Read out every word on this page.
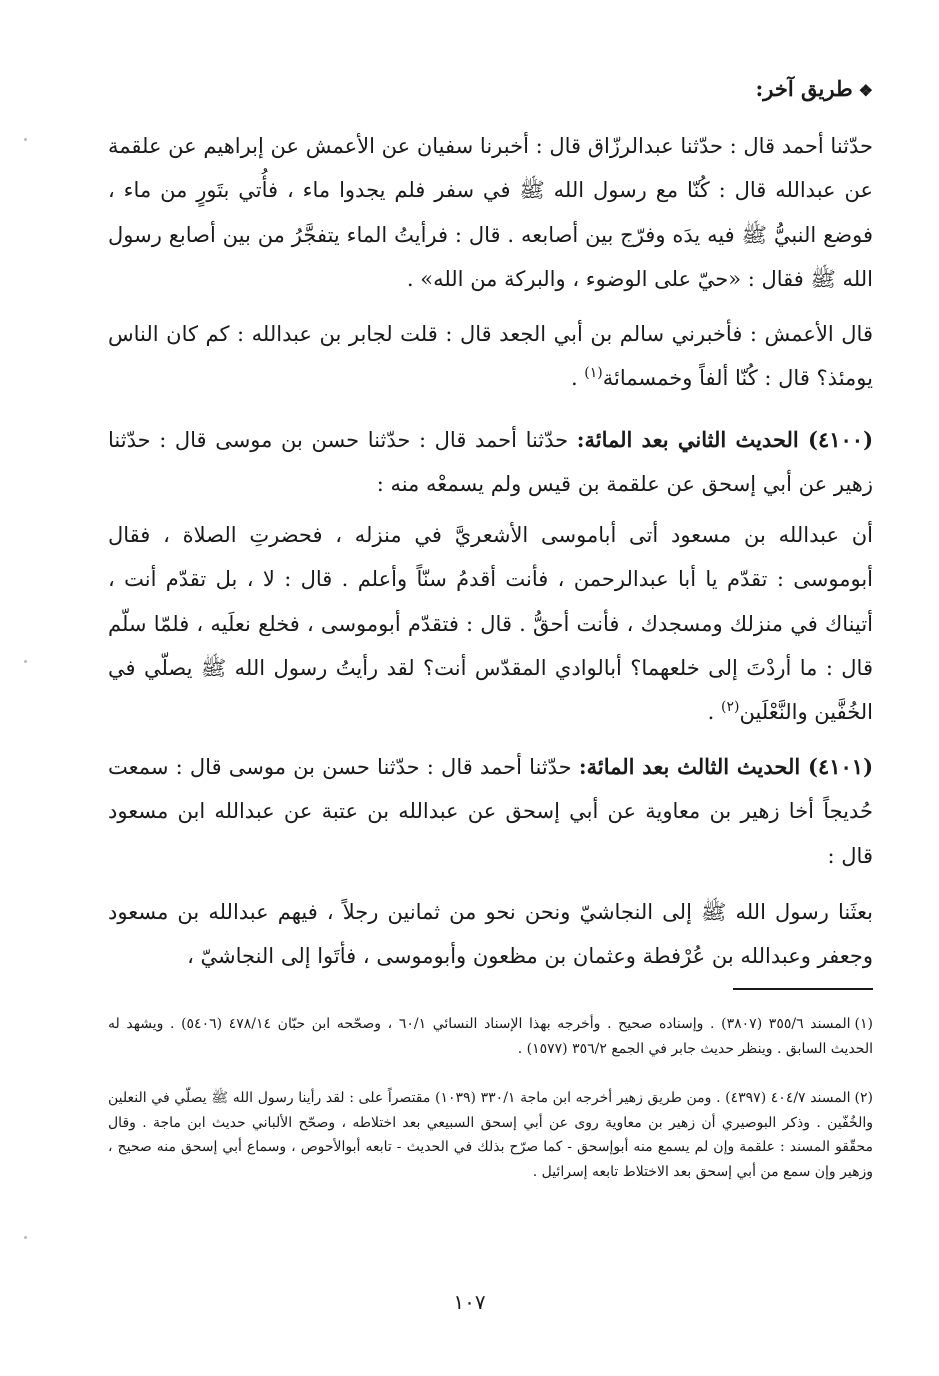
❖طريق آخر:
حدّثنا أحمد قال : حدّثنا عبدالرزّاق قال : أخبرنا سفيان عن الأعمش عن إبراهيم عن علقمة عن عبدالله قال : كُنّا مع رسول الله ﷺ في سفر فلم يجدوا ماء ، فأُتي بتَورٍ من ماء ، فوضع النبيُّ ﷺ فيه يدَه وفرّج بين أصابعه . قال : فرأيتُ الماء يتفجَّرُ من بين أصابع رسول الله ﷺ فقال : «حيّ على الوضوء ، والبركة من الله» .
قال الأعمش : فأخبرني سالم بن أبي الجعد قال : قلت لجابر بن عبدالله : كم كان الناس يومئذ؟ قال : كُنّا ألفاً وخمسمائة$^{(١)}$ .
(٤١٠٠) الحديث الثاني بعد المائة: حدّثنا أحمد قال : حدّثنا حسن بن موسى قال : حدّثنا زهير عن أبي إسحق عن علقمة بن قيس ولم يسمعْه منه :
أن عبدالله بن مسعود أتى أباموسى الأشعريَّ في منزله ، فحضرتِ الصلاة ، فقال أبوموسى : تقدّم يا أبا عبدالرحمن ، فأنت أقدمُ سنّاً وأعلم . قال : لا ، بل تقدّم أنت ، أتيناك في منزلك ومسجدك ، فأنت أحقُّ . قال : فتقدّم أبوموسى ، فخلع نعلَيه ، فلمّا سلّم قال : ما أردْتَ إلى خلعهما؟ أبالوادي المقدّس أنت؟ لقد رأيتُ رسول الله ﷺ يصلّي في الخُفَّين والنَّعْلَين$^{(٢)}$ .
(٤١٠١) الحديث الثالث بعد المائة: حدّثنا أحمد قال : حدّثنا حسن بن موسى قال : سمعت حُديجاً أخا زهير بن معاوية عن أبي إسحق عن عبدالله بن عتبة عن عبدالله ابن مسعود قال :
بعثَنا رسول الله ﷺ إلى النجاشيّ ونحن نحو من ثمانين رجلاً ، فيهم عبدالله بن مسعود وجعفر وعبدالله بن عُرْفطة وعثمان بن مظعون وأبوموسى ، فأتَوا إلى النجاشيّ ،
(١)المسند ٣٥٥/٦ (٣٨٠٧) . وإسناده صحيح . وأخرجه بهذا الإسناد النسائي ٦٠/١ ، وصحّحه ابن حبّان ٤٧٨/١٤ (٥٤٠٦) . ويشهد له الحديث السابق . وينظر حديث جابر في الجمع ٣٥٦/٢ (١٥٧٧) .
(٢)المسند ٤٠٤/٧ (٤٣٩٧) . ومن طريق زهير أخرجه ابن ماجة ٣٣٠/١ (١٠٣٩) مقتصراً على : لقد رأينا رسول الله ﷺ يصلّي في النعلين والخُفّين . وذكر البوصيري أن زهير بن معاوية روى عن أبي إسحق السبيعي بعد اختلاطه ، وصحّح الألباني حديث ابن ماجة . وقال محقّقو المسند : علقمة وإن لم يسمع منه أبوإسحق - كما صرّح بذلك في الحديث - تابعه أبوالأحوص ، وسماع أبي إسحق منه صحيح ، وزهير وإن سمع من أبي إسحق بعد الاختلاط تابعه إسرائيل .
١٠٧
